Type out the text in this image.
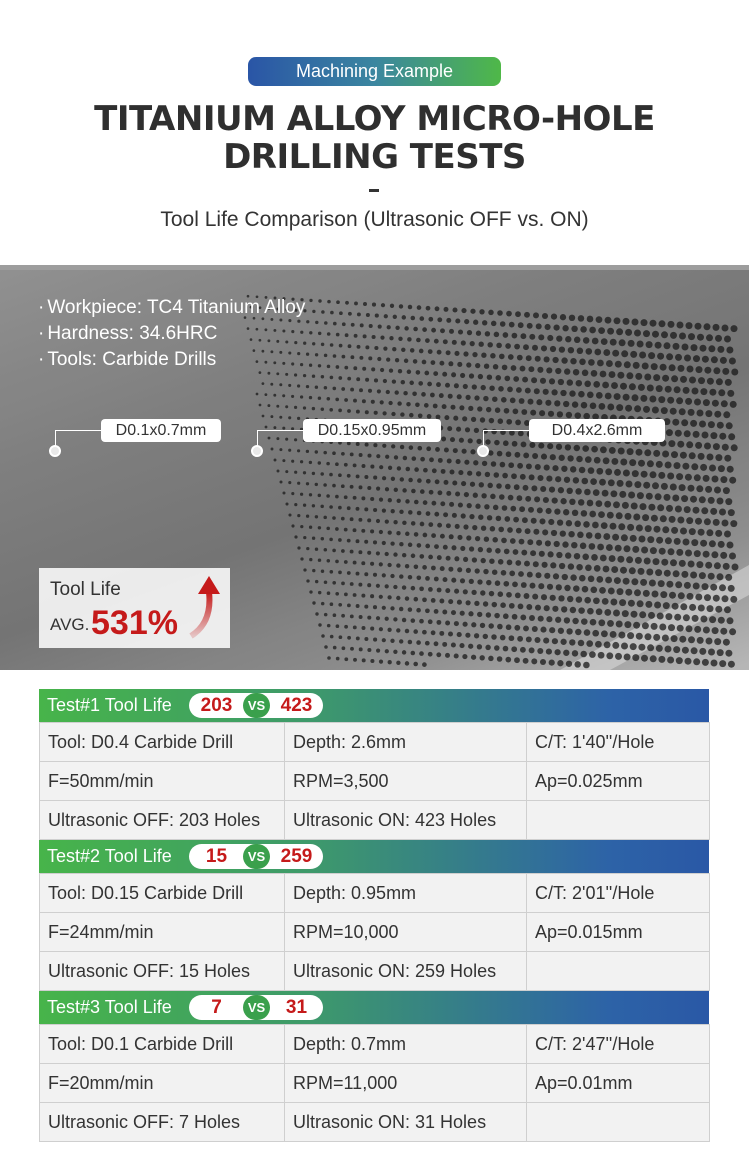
Machining Example
TITANIUM ALLOY MICRO-HOLE
DRILLING TESTS
Tool Life Comparison (Ultrasonic OFF vs. ON)
· Workpiece: TC4 Titanium Alloy
· Hardness: 34.6HRC
· Tools: Carbide Drills
D0.1x0.7mm	D0.15x0.95mm	D0.4x2.6mm
Tool Life
AVG. 531%
Test#1 Tool Life	203	VS 423
Tool: D0.4 Carbide Drill	Depth: 2.6mm	C/T: 1'40''/Hole
F=50mm/min	RPM=3,500	Ap=0.025mm
Ultrasonic OFF: 203 Holes	Ultrasonic ON: 423 Holes	
Test#2 Tool Life	15	VS 259
Tool: D0.15 Carbide Drill	Depth: 0.95mm	C/T: 2'01''/Hole
F=24mm/min	RPM=10,000	Ap=0.015mm
Ultrasonic OFF: 15 Holes	Ultrasonic ON: 259 Holes	
Test#3 Tool Life	7	VS	31
Tool: D0.1 Carbide Drill	Depth: 0.7mm	C/T: 2'47''/Hole
F=20mm/min	RPM=11,000	Ap=0.01mm
Ultrasonic OFF: 7 Holes	Ultrasonic ON: 31 Holes	
